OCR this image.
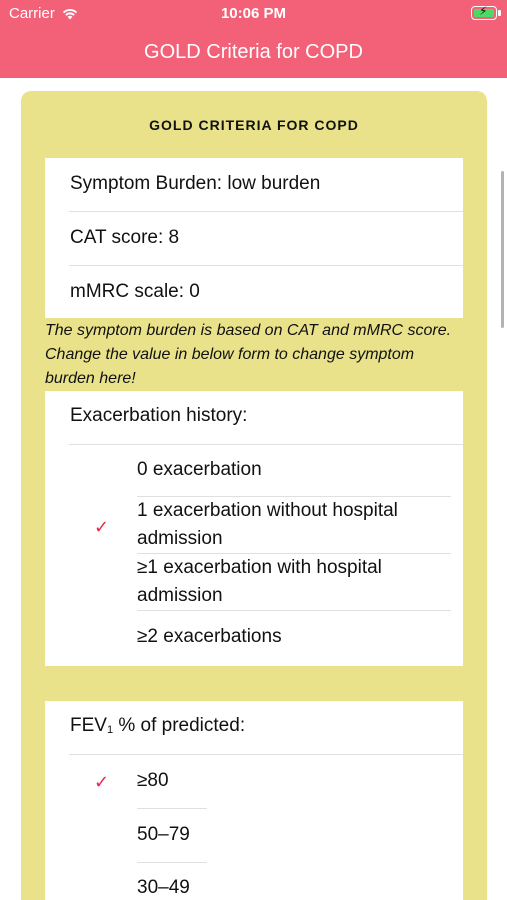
Carrier	10:06 PM	⚡
GOLD Criteria for COPD
GOLD CRITERIA FOR COPD
Symptom Burden: low burden
CAT score: 8
mMRC scale: 0
The symptom burden is based on CAT and mMRC score. Change the value in below form to change symptom burden here!
Exacerbation history:
0 exacerbation
✓
1 exacerbation without hospital admission
≥1 exacerbation with hospital admission
≥2 exacerbations
$FEV_1$ % of predicted:
✓ ≥80
50–79
30–49
